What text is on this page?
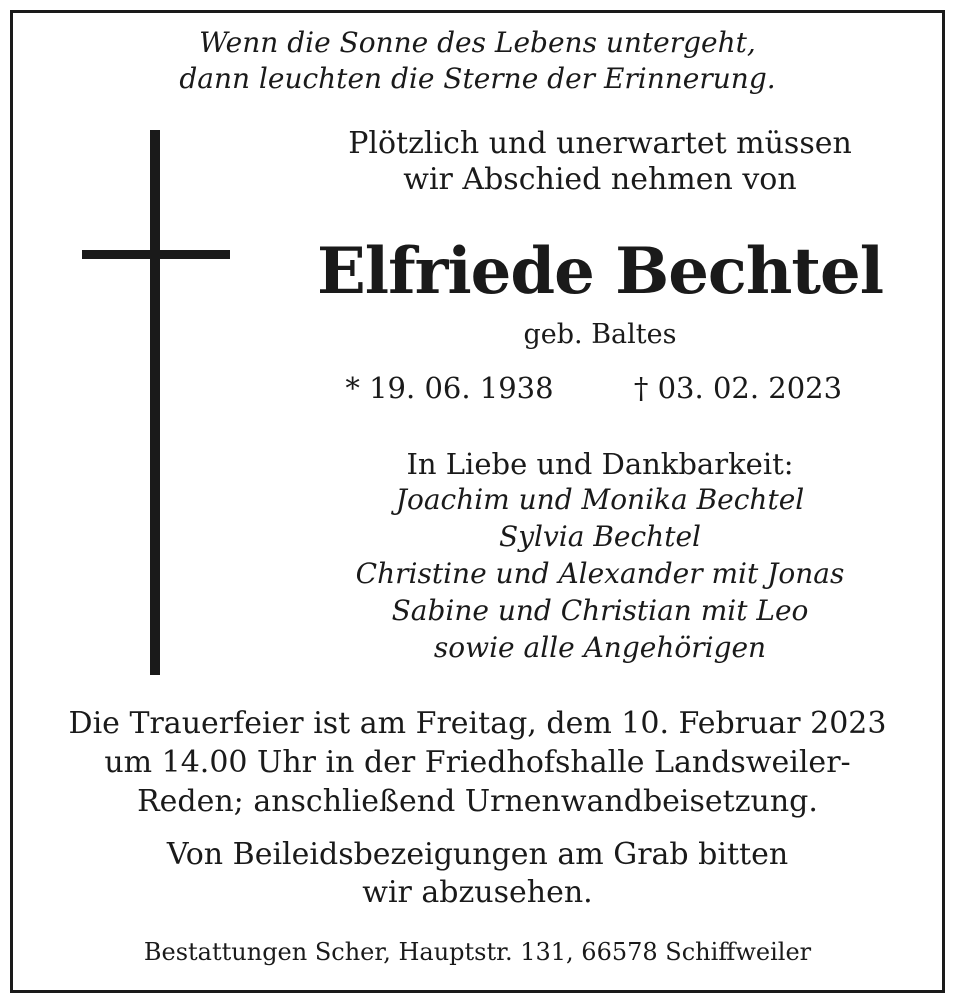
Wenn die Sonne des Lebens untergeht,
dann leuchten die Sterne der Erinnerung.
Plötzlich und unerwartet müssen
wir Abschied nehmen von
Elfriede Bechtel
geb. Baltes
* 19. 06. 1938	† 03. 02. 2023
In Liebe und Dankbarkeit:
Joachim und Monika Bechtel
Sylvia Bechtel
Christine und Alexander mit Jonas
Sabine und Christian mit Leo
sowie alle Angehörigen
Die Trauerfeier ist am Freitag, dem 10. Februar 2023
um 14.00 Uhr in der Friedhofshalle Landsweiler-
Reden; anschließend Urnenwandbeisetzung.
Von Beileidsbezeigungen am Grab bitten
wir abzusehen.
Bestattungen Scher, Hauptstr. 131, 66578 Schiffweiler
